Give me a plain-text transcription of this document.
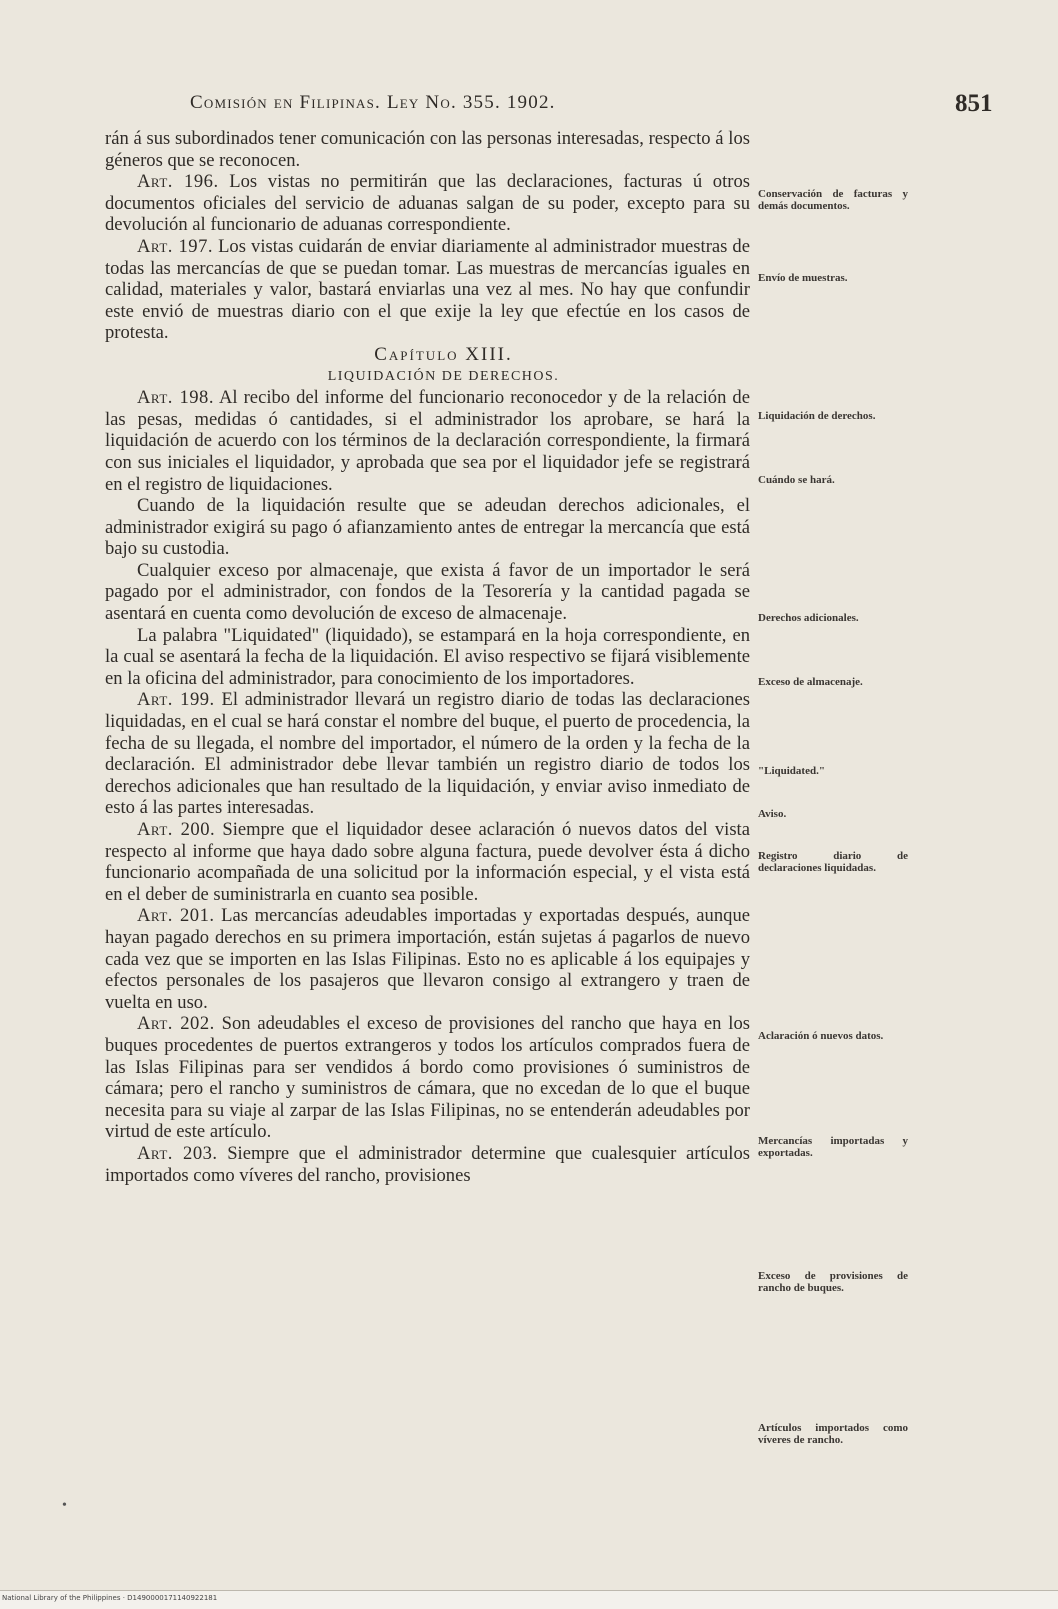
Comisión en Filipinas. Ley No. 355. 1902.	851

rán á sus subordinados tener comunicación con las personas interesadas, respecto á los géneros que se reconocen.

Art. 196. Los vistas no permitirán que las declaraciones, facturas ú otros documentos oficiales del servicio de aduanas salgan de su poder, excepto para su devolución al funcionario de aduanas correspondiente.

Art. 197. Los vistas cuidarán de enviar diariamente al administrador muestras de todas las mercancías de que se puedan tomar. Las muestras de mercancías iguales en calidad, materiales y valor, bastará enviarlas una vez al mes. No hay que confundir este envió de muestras diario con el que exije la ley que efectúe en los casos de protesta.

Capítulo XIII.

LIQUIDACIÓN DE DERECHOS.

Art. 198. Al recibo del informe del funcionario reconocedor y de la relación de las pesas, medidas ó cantidades, si el administrador los aprobare, se hará la liquidación de acuerdo con los términos de la declaración correspondiente, la firmará con sus iniciales el liquidador, y aprobada que sea por el liquidador jefe se registrará en el registro de liquidaciones.

Cuando de la liquidación resulte que se adeudan derechos adicionales, el administrador exigirá su pago ó afianzamiento antes de entregar la mercancía que está bajo su custodia.

Cualquier exceso por almacenaje, que exista á favor de un importador le será pagado por el administrador, con fondos de la Tesorería y la cantidad pagada se asentará en cuenta como devolución de exceso de almacenaje.

La palabra "Liquidated" (liquidado), se estampará en la hoja correspondiente, en la cual se asentará la fecha de la liquidación. El aviso respectivo se fijará visiblemente en la oficina del administrador, para conocimiento de los importadores.

Art. 199. El administrador llevará un registro diario de todas las declaraciones liquidadas, en el cual se hará constar el nombre del buque, el puerto de procedencia, la fecha de su llegada, el nombre del importador, el número de la orden y la fecha de la declaración. El administrador debe llevar también un registro diario de todos los derechos adicionales que han resultado de la liquidación, y enviar aviso inmediato de esto á las partes interesadas.

Art. 200. Siempre que el liquidador desee aclaración ó nuevos datos del vista respecto al informe que haya dado sobre alguna factura, puede devolver ésta á dicho funcionario acompañada de una solicitud por la información especial, y el vista está en el deber de suministrarla en cuanto sea posible.

Art. 201. Las mercancías adeudables importadas y exportadas después, aunque hayan pagado derechos en su primera importación, están sujetas á pagarlos de nuevo cada vez que se importen en las Islas Filipinas. Esto no es aplicable á los equipajes y efectos personales de los pasajeros que llevaron consigo al extrangero y traen de vuelta en uso.

Art. 202. Son adeudables el exceso de provisiones del rancho que haya en los buques procedentes de puertos extrangeros y todos los artículos comprados fuera de las Islas Filipinas para ser vendidos á bordo como provisiones ó suministros de cámara; pero el rancho y suministros de cámara, que no excedan de lo que el buque necesita para su viaje al zarpar de las Islas Filipinas, no se entenderán adeudables por virtud de este artículo.

Art. 203. Siempre que el administrador determine que cualesquier artículos importados como víveres del rancho, provisiones

Conservación de facturas y demás documentos.
Envío de muestras.
Liquidación de derechos.
Cuándo se hará.
Derechos adicionales.
Exceso de almacenaje.
"Liquidated."
Aviso.
Registro diario de declaraciones liquidadas.
Aclaración ó nuevos datos.
Mercancías importadas y exportadas.
Exceso de provisiones de rancho de buques.
Artículos importados como víveres de rancho.
•
National Library of the Philippines · D1490000171140922181
